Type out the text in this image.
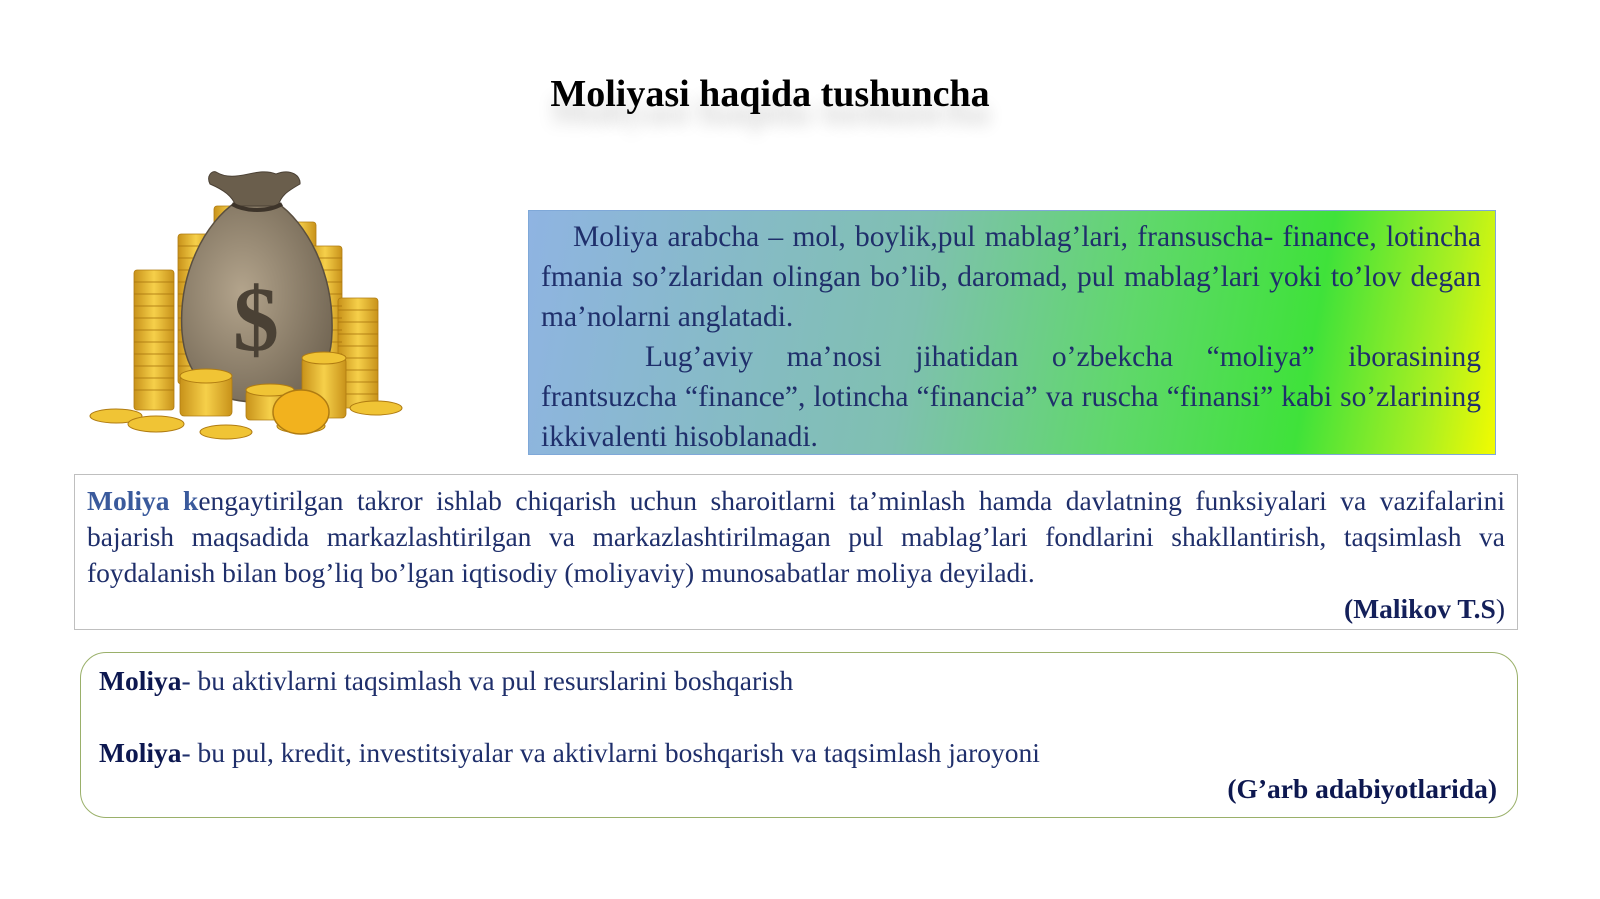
Moliyasi haqida tushuncha
$

Moliya arabcha – mol, boylik,pul mablag’lari, fransuscha- finance, lotincha fmania so’zlaridan olingan bo’lib, daromad, pul mablag’lari yoki to’lov degan ma’nolarni anglatadi.

Lug’aviy ma’nosi jihatidan o’zbekcha “moliya” iborasining frantsuzcha “finance”, lotincha “financia” va ruscha “finansi” kabi so’zlarining ikkivalenti hisoblanadi.

Moliya kengaytirilgan takror ishlab chiqarish uchun sharoitlarni ta’minlash hamda davlatning funksiyalari va vazifalarini bajarish maqsadida markazlashtirilgan va markazlashtirilmagan pul mablag’lari fondlarini shakllantirish, taqsimlash va foydalanish bilan bog’liq bo’lgan iqtisodiy (moliyaviy) munosabatlar moliya deyiladi.
(Malikov T.S)

Moliya- bu aktivlarni taqsimlash va pul resurslarini boshqarish

Moliya- bu pul, kredit, investitsiyalar va aktivlarni boshqarish va taqsimlash jaroyoni

(G’arb adabiyotlarida)
